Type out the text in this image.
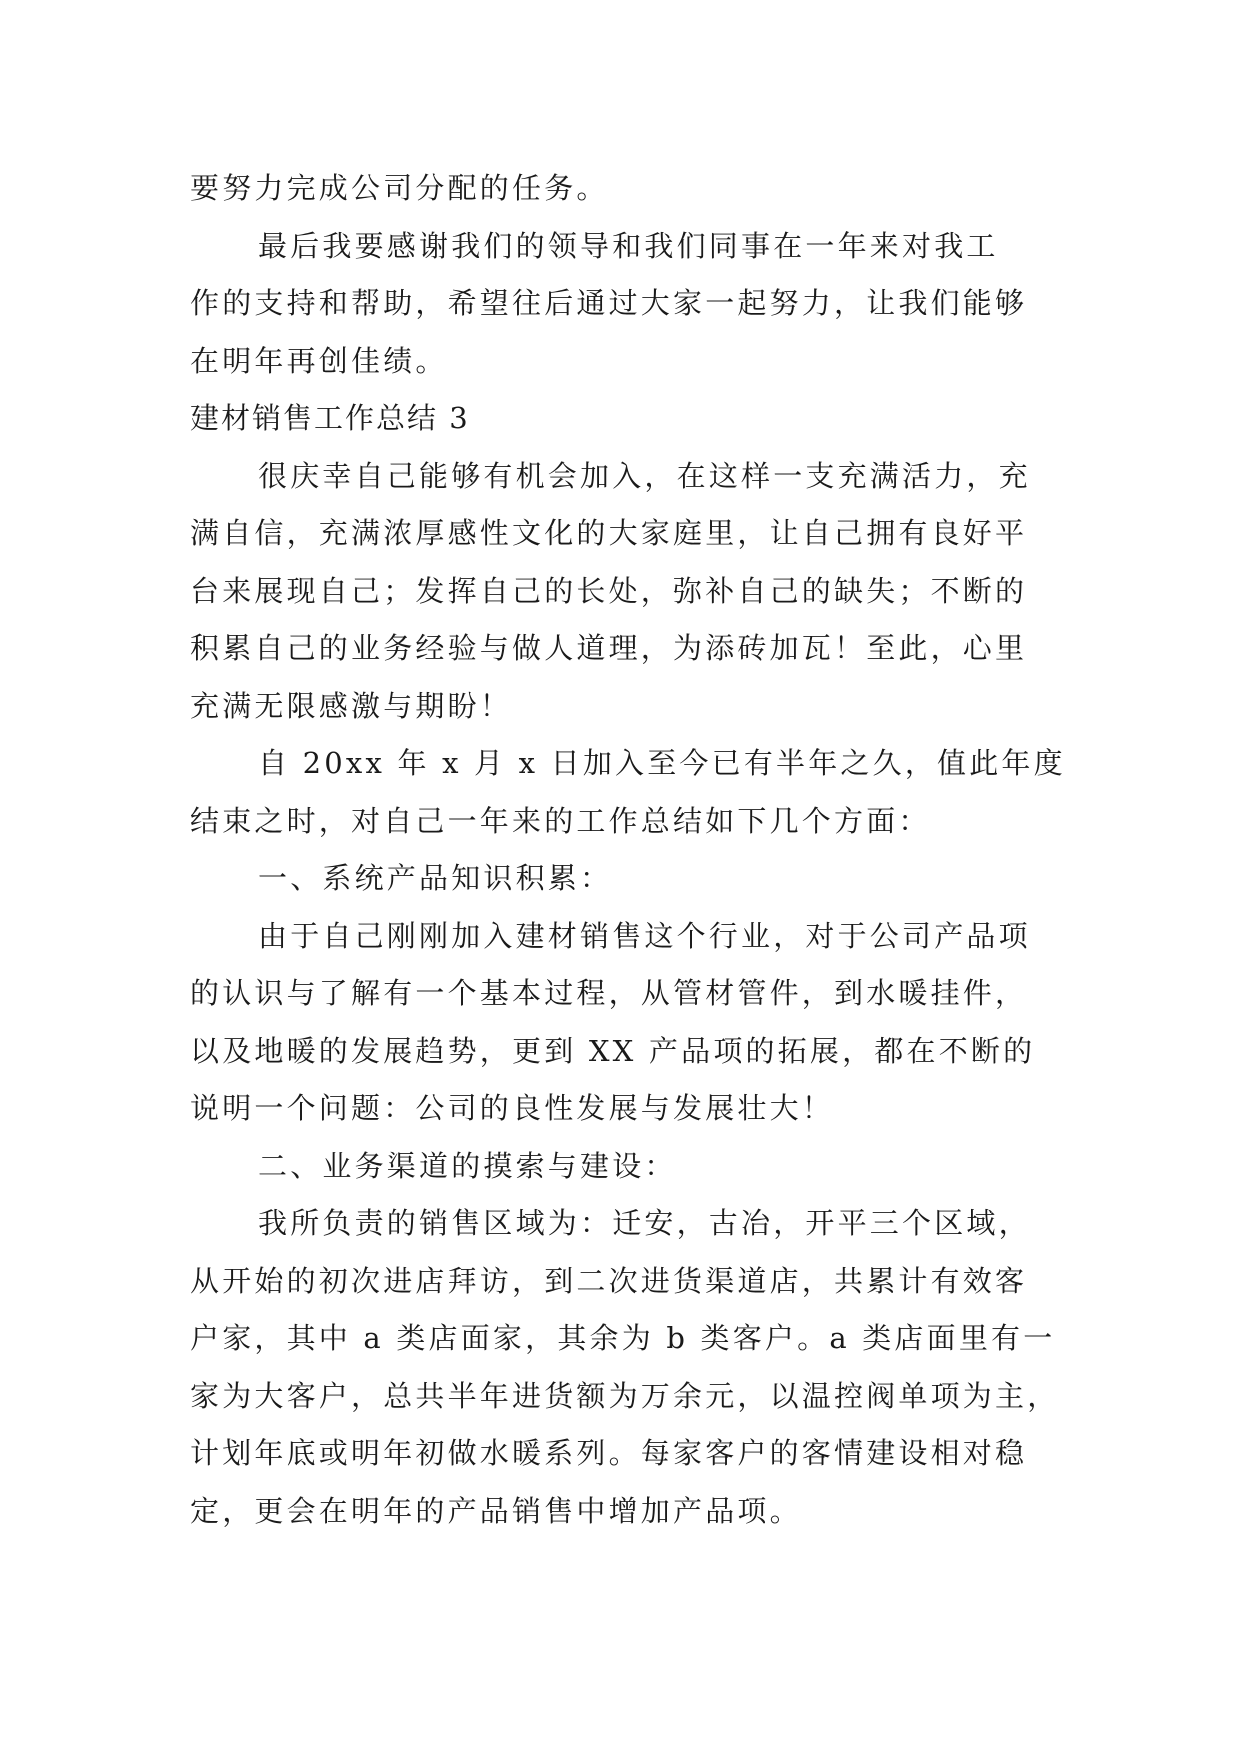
要努力完成公司分配的任务。
最后我要感谢我们的领导和我们同事在一年来对我工
作的支持和帮助，希望往后通过大家一起努力，让我们能够
在明年再创佳绩。
建材销售工作总结 3
很庆幸自己能够有机会加入，在这样一支充满活力，充
满自信，充满浓厚感性文化的大家庭里，让自己拥有良好平
台来展现自己；发挥自己的长处，弥补自己的缺失；不断的
积累自己的业务经验与做人道理，为添砖加瓦！至此，心里
充满无限感激与期盼！
自 20xx 年 x 月 x 日加入至今已有半年之久，值此年度
结束之时，对自己一年来的工作总结如下几个方面：
一、系统产品知识积累：
由于自己刚刚加入建材销售这个行业，对于公司产品项
的认识与了解有一个基本过程，从管材管件，到水暖挂件，
以及地暖的发展趋势，更到 XX 产品项的拓展，都在不断的
说明一个问题：公司的良性发展与发展壮大！
二、业务渠道的摸索与建设：
我所负责的销售区域为：迁安，古冶，开平三个区域，
从开始的初次进店拜访，到二次进货渠道店，共累计有效客
户家，其中 a 类店面家，其余为 b 类客户。a 类店面里有一
家为大客户，总共半年进货额为万余元，以温控阀单项为主，
计划年底或明年初做水暖系列。每家客户的客情建设相对稳
定，更会在明年的产品销售中增加产品项。
